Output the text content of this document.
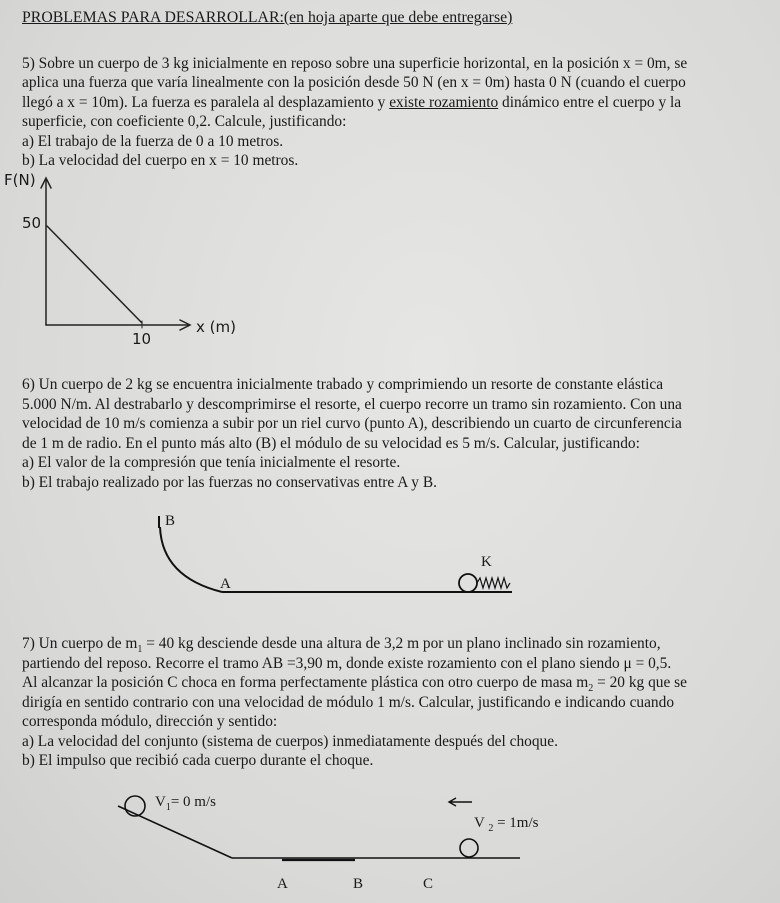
PROBLEMAS PARA DESARROLLAR:(en hoja aparte que debe entregarse)
5) Sobre un cuerpo de 3 kg inicialmente en reposo sobre una superficie horizontal, en la posición x = 0m, se
aplica una fuerza que varía linealmente con la posición desde 50 N (en x = 0m) hasta 0 N (cuando el cuerpo
llegó a x = 10m). La fuerza es paralela al desplazamiento y existe rozamiento dinámico entre el cuerpo y la
superficie, con coeficiente 0,2. Calcule, justificando:
a) El trabajo de la fuerza de 0 a 10 metros.
b) La velocidad del cuerpo en x = 10 metros.
F(N)
50
10
x (m)
6) Un cuerpo de 2 kg se encuentra inicialmente trabado y comprimiendo un resorte de constante elástica
5.000 N/m. Al destrabarlo y descomprimirse el resorte, el cuerpo recorre un tramo sin rozamiento. Con una
velocidad de 10 m/s comienza a subir por un riel curvo (punto A), describiendo un cuarto de circunferencia
de 1 m de radio. En el punto más alto (B) el módulo de su velocidad es 5 m/s. Calcular, justificando:
a) El valor de la compresión que tenía inicialmente el resorte.
b) El trabajo realizado por las fuerzas no conservativas entre A y B.
B
A
K
7) Un cuerpo de $m_1 = 40$ kg desciende desde una altura de 3,2 m por un plano inclinado sin rozamiento,
partiendo del reposo. Recorre el tramo AB =3,90 m, donde existe rozamiento con el plano siendo μ = 0,5.
Al alcanzar la posición C choca en forma perfectamente plástica con otro cuerpo de masa $m_2 = 20$ kg que se
dirigía en sentido contrario con una velocidad de módulo 1 m/s. Calcular, justificando e indicando cuando
corresponda módulo, dirección y sentido:
a) La velocidad del conjunto (sistema de cuerpos) inmediatamente después del choque.
b) El impulso que recibió cada cuerpo durante el choque.
$V_1= 0$ m/s
V $_2$ = 1m/s
A	B	C
